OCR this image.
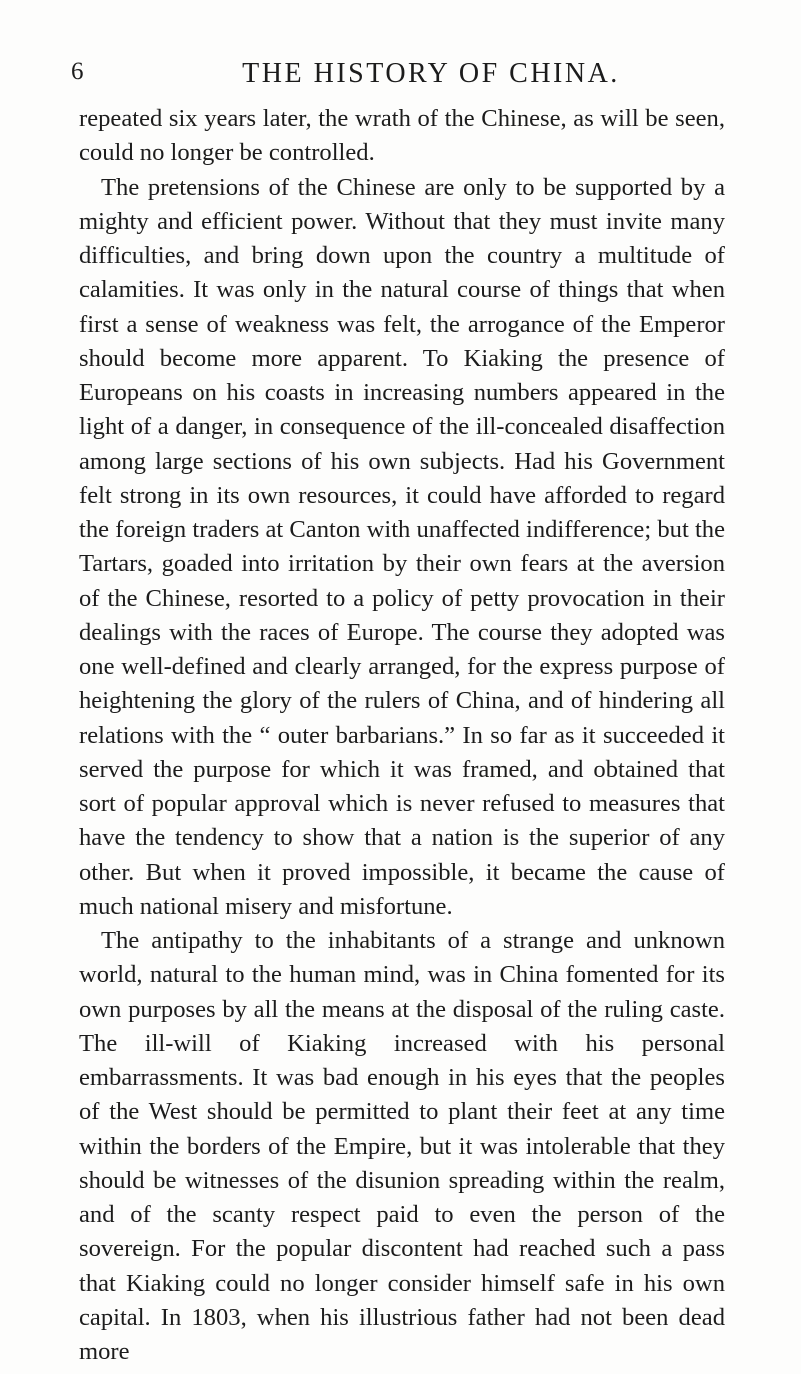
6	THE HISTORY OF CHINA.

repeated six years later, the wrath of the Chinese, as will be seen, could no longer be controlled.

The pretensions of the Chinese are only to be supported by a mighty and efficient power. Without that they must invite many difficulties, and bring down upon the country a multitude of calamities. It was only in the natural course of things that when first a sense of weakness was felt, the arrogance of the Emperor should become more apparent. To Kiaking the presence of Europeans on his coasts in increasing numbers appeared in the light of a danger, in consequence of the ill-concealed disaffection among large sections of his own subjects. Had his Government felt strong in its own resources, it could have afforded to regard the foreign traders at Canton with unaffected indifference; but the Tartars, goaded into irritation by their own fears at the aversion of the Chinese, resorted to a policy of petty provocation in their dealings with the races of Europe. The course they adopted was one well-defined and clearly arranged, for the express purpose of heightening the glory of the rulers of China, and of hindering all relations with the “ outer barbarians.” In so far as it succeeded it served the purpose for which it was framed, and obtained that sort of popular approval which is never refused to measures that have the tendency to show that a nation is the superior of any other. But when it proved impossible, it became the cause of much national misery and misfortune.

The antipathy to the inhabitants of a strange and unknown world, natural to the human mind, was in China fomented for its own purposes by all the means at the disposal of the ruling caste. The ill-will of Kiaking increased with his personal embarrassments. It was bad enough in his eyes that the peoples of the West should be permitted to plant their feet at any time within the borders of the Empire, but it was intolerable that they should be witnesses of the disunion spreading within the realm, and of the scanty respect paid to even the person of the sovereign. For the popular discontent had reached such a pass that Kiaking could no longer consider himself safe in his own capital. In 1803, when his illustrious father had not been dead more
